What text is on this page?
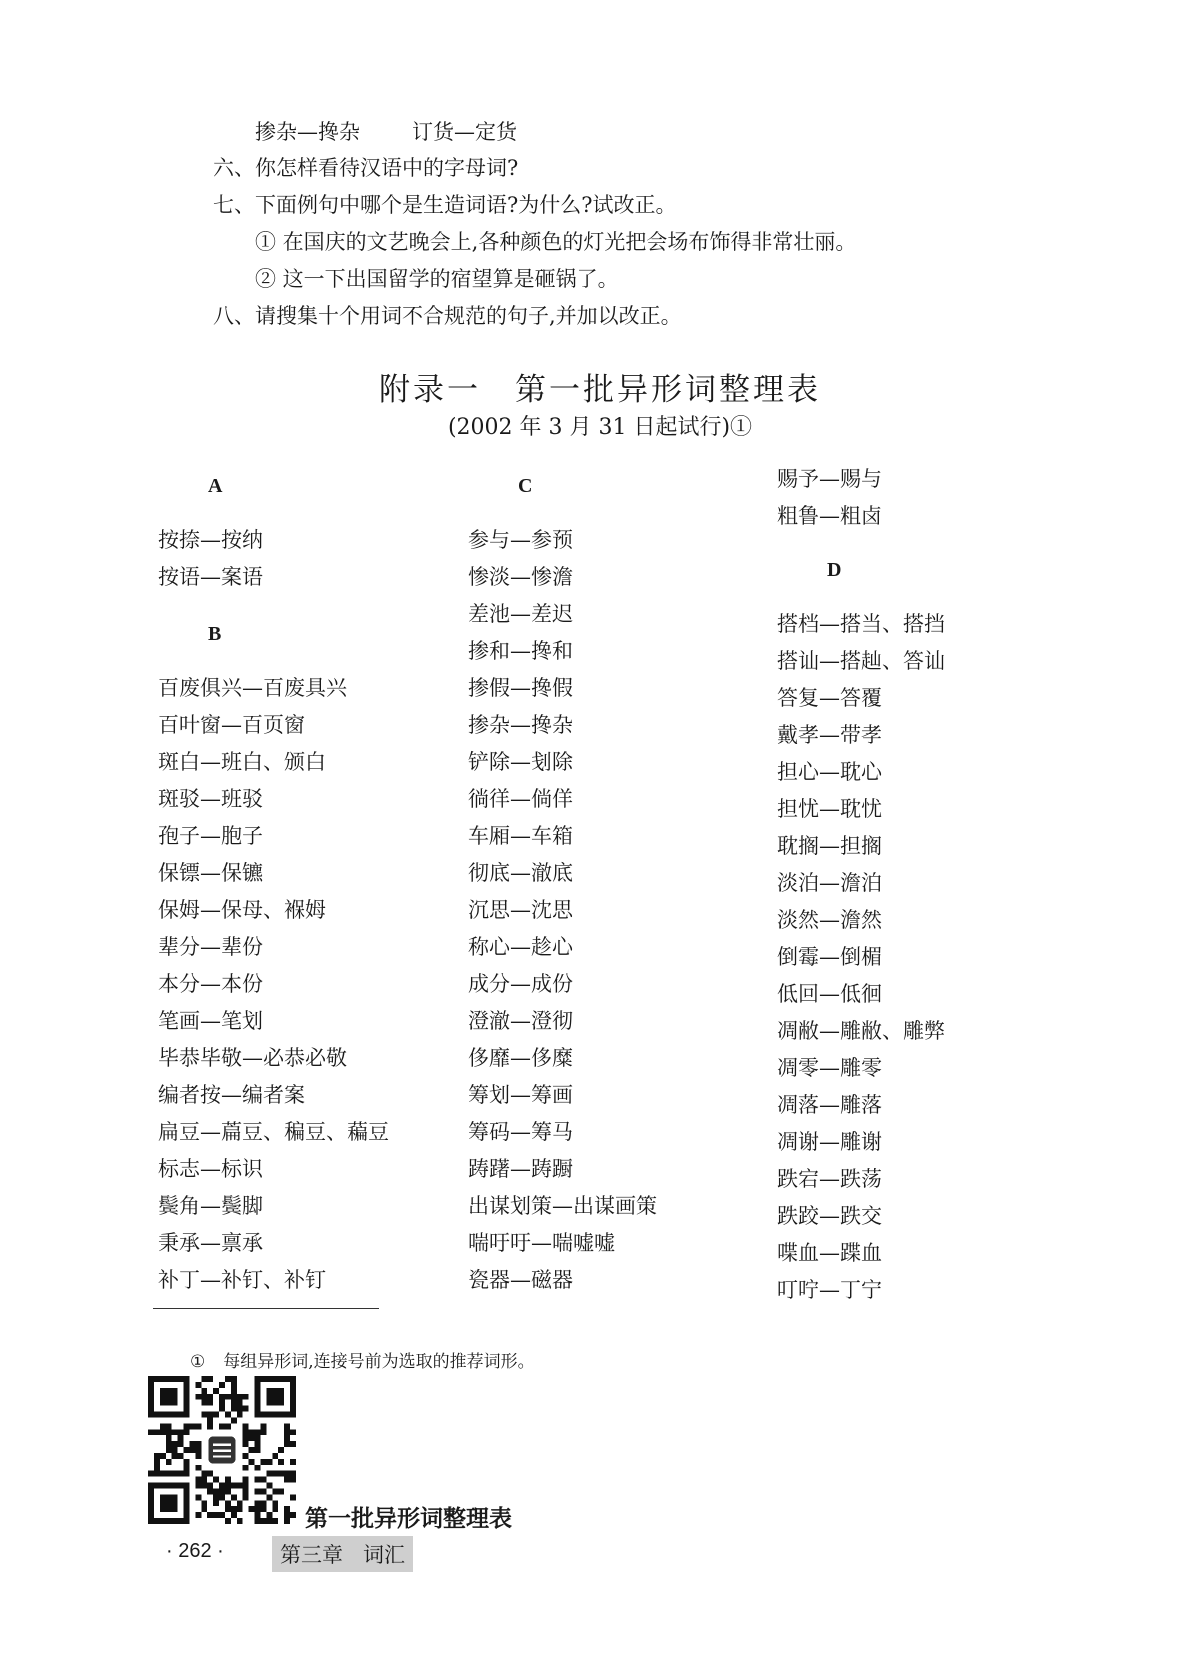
掺杂—搀杂 订货—定货
六、你怎样看待汉语中的字母词?
七、下面例句中哪个是生造词语?为什么?试改正。
① 在国庆的文艺晚会上,各种颜色的灯光把会场布饰得非常壮丽。
② 这一下出国留学的宿望算是砸锅了。
八、请搜集十个用词不合规范的句子,并加以改正。
附录一 第一批异形词整理表
(2002 年 3 月 31 日起试行)①
A
按捺—按纳
按语—案语
B
百废俱兴—百废具兴
百叶窗—百页窗
斑白—班白、颁白
斑驳—班驳
孢子—胞子
保镖—保镳
保姆—保母、褓姆
辈分—辈份
本分—本份
笔画—笔划
毕恭毕敬—必恭必敬
编者按—编者案
扁豆—萹豆、稨豆、藊豆
标志—标识
鬓角—鬓脚
秉承—禀承
补丁—补钉、补钉
C
参与—参预
惨淡—惨澹
差池—差迟
掺和—搀和
掺假—搀假
掺杂—搀杂
铲除—刬除
徜徉—倘佯
车厢—车箱
彻底—澈底
沉思—沈思
称心—趁心
成分—成份
澄澈—澄彻
侈靡—侈糜
筹划—筹画
筹码—筹马
踌躇—踌蹰
出谋划策—出谋画策
喘吁吁—喘嘘嘘
瓷器—磁器
赐予—赐与
粗鲁—粗卤
D
搭档—搭当、搭挡
搭讪—搭赸、答讪
答复—答覆
戴孝—带孝
担心—耽心
担忧—耽忧
耽搁—担搁
淡泊—澹泊
淡然—澹然
倒霉—倒楣
低回—低徊
凋敝—雕敝、雕弊
凋零—雕零
凋落—雕落
凋谢—雕谢
跌宕—跌荡
跌跤—跌交
喋血—蹀血
叮咛—丁宁
① 每组异形词,连接号前为选取的推荐词形。
第一批异形词整理表
· 262 ·	第三章 词汇
